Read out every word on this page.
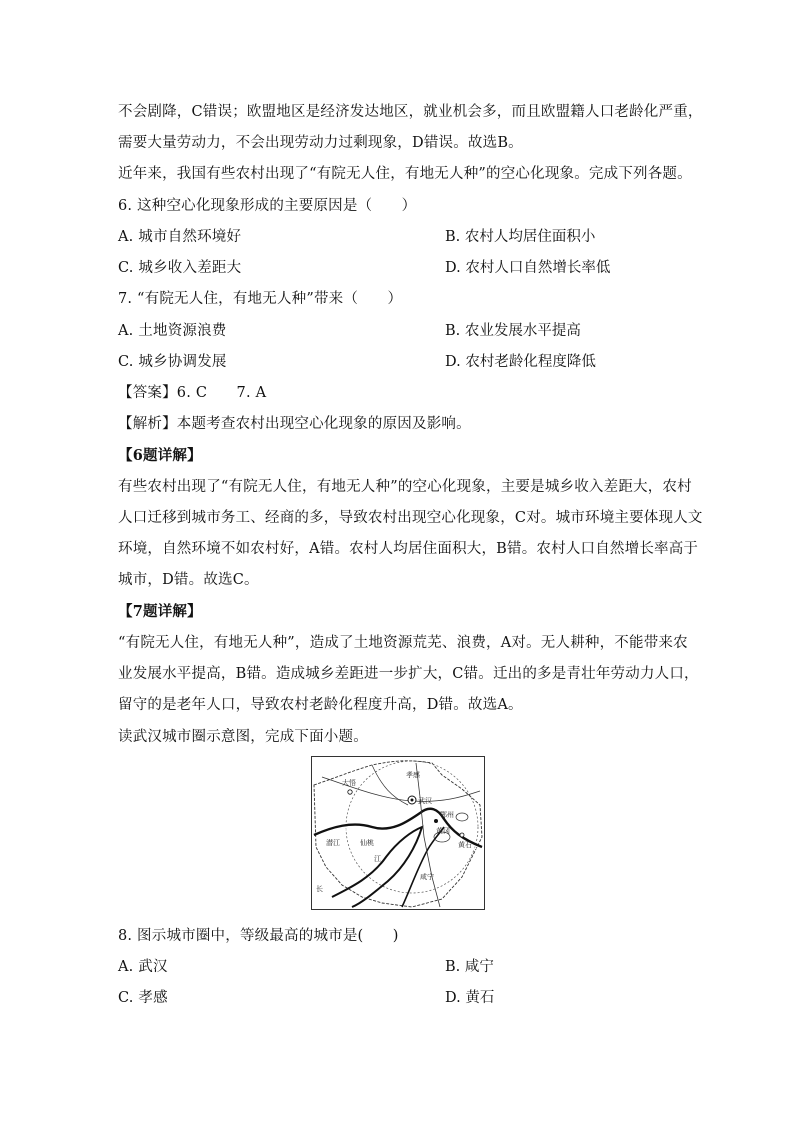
不会剧降，C错误；欧盟地区是经济发达地区，就业机会多，而且欧盟籍人口老龄化严重，
需要大量劳动力，不会出现劳动力过剩现象，D错误。故选B。
近年来，我国有些农村出现了“有院无人住，有地无人种”的空心化现象。完成下列各题。
6. 这种空心化现象形成的主要原因是（　　）
A. 城市自然环境好	B. 农村人均居住面积小
C. 城乡收入差距大	D. 农村人口自然增长率低
7. “有院无人住，有地无人种”带来（　　）
A. 土地资源浪费	B. 农业发展水平提高
C. 城乡协调发展	D. 农村老龄化程度降低
【答案】6. C　　7. A
【解析】本题考查农村出现空心化现象的原因及影响。
【6题详解】
有些农村出现了“有院无人住，有地无人种”的空心化现象，主要是城乡收入差距大，农村
人口迁移到城市务工、经商的多，导致农村出现空心化现象，C对。城市环境主要体现人文
环境，自然环境不如农村好，A错。农村人均居住面积大，B错。农村人口自然增长率高于
城市，D错。故选C。
【7题详解】
“有院无人住，有地无人种”，造成了土地资源荒芜、浪费，A对。无人耕种，不能带来农
业发展水平提高，B错。造成城乡差距进一步扩大，C错。迁出的多是青壮年劳动力人口，
留守的是老年人口，导致农村老龄化程度升高，D错。故选A。
读武汉城市圈示意图，完成下面小题。
孝感
大悟
武汉
鄂州
黄冈
黄石
潜江	仙桃
江
长
咸宁
8. 图示城市圈中，等级最高的城市是(　　)
A. 武汉	B. 咸宁
C. 孝感	D. 黄石
